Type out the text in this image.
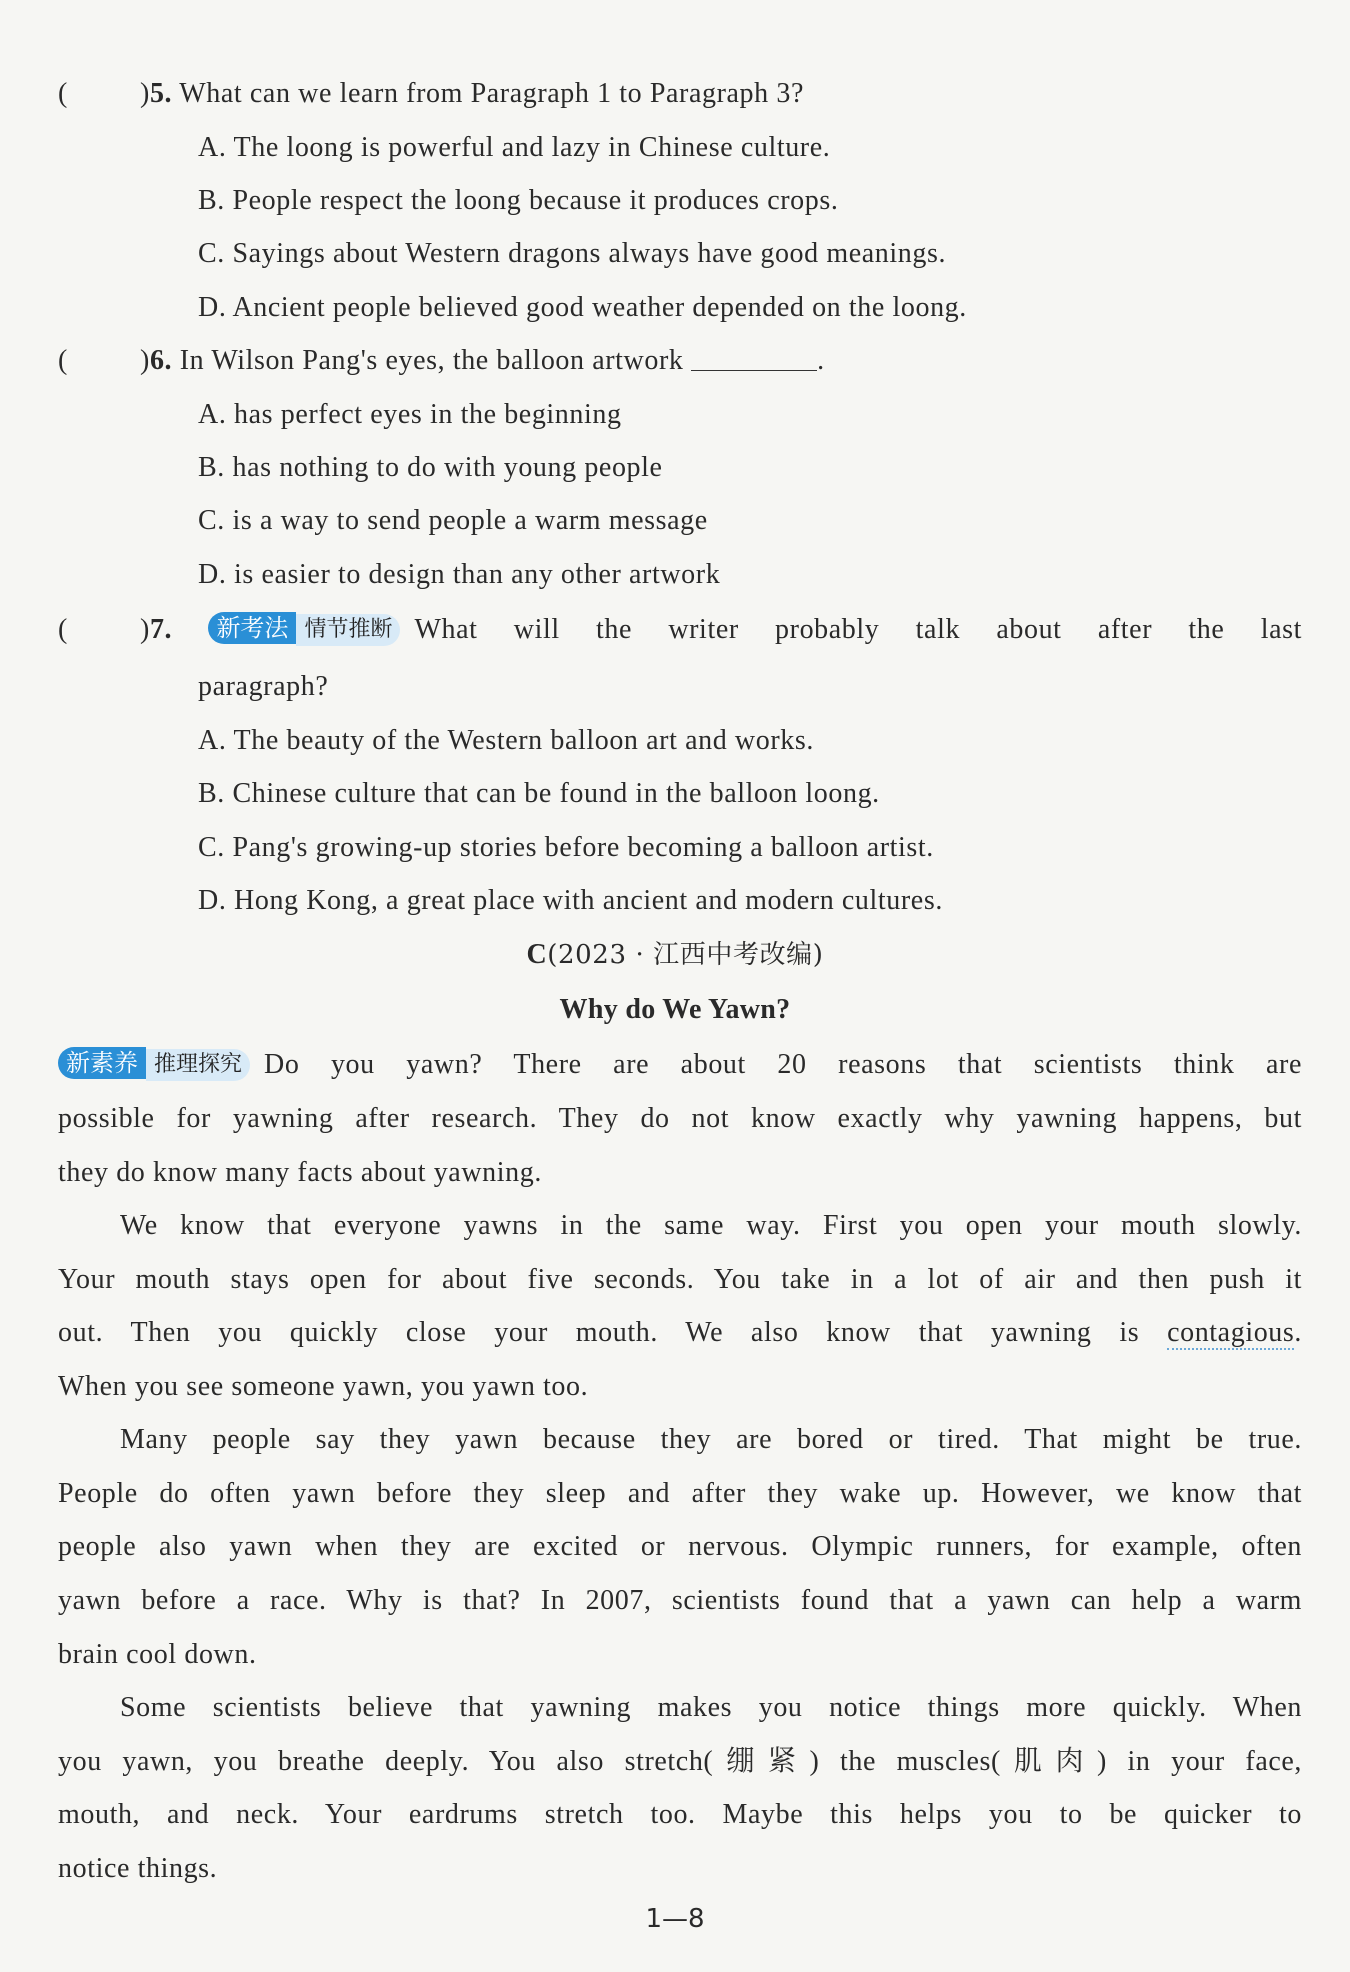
(	)5. What can we learn from Paragraph 1 to Paragraph 3?
A. The loong is powerful and lazy in Chinese culture.
B. People respect the loong because it produces crops.
C. Sayings about Western dragons always have good meanings.
D. Ancient people believed good weather depended on the loong.
(	)6. In Wilson Pang's eyes, the balloon artwork	.
A. has perfect eyes in the beginning
B. has nothing to do with young people
C. is a way to send people a warm message
D. is easier to design than any other artwork
(	)7. 新考法 情节推断 What will the writer probably talk about after the last
paragraph?
A. The beauty of the Western balloon art and works.
B. Chinese culture that can be found in the balloon loong.
C. Pang's growing-up stories before becoming a balloon artist.
D. Hong Kong, a great place with ancient and modern cultures.
C(2023 · 江西中考改编)
Why do We Yawn?
新素养 推理探究 Do you yawn? There are about 20 reasons that scientists think are
possible for yawning after research. They do not know exactly why yawning happens, but
they do know many facts about yawning.
We know that everyone yawns in the same way. First you open your mouth slowly.
Your mouth stays open for about five seconds. You take in a lot of air and then push it
out. Then you quickly close your mouth. We also know that yawning is contagious.
When you see someone yawn, you yawn too.
Many people say they yawn because they are bored or tired. That might be true.
People do often yawn before they sleep and after they wake up. However, we know that
people also yawn when they are excited or nervous. Olympic runners, for example, often
yawn before a race. Why is that? In 2007, scientists found that a yawn can help a warm
brain cool down.
Some scientists believe that yawning makes you notice things more quickly. When
you yawn, you breathe deeply. You also stretch(绷紧) the muscles(肌肉) in your face,
mouth, and neck. Your eardrums stretch too. Maybe this helps you to be quicker to
notice things.
1—8
